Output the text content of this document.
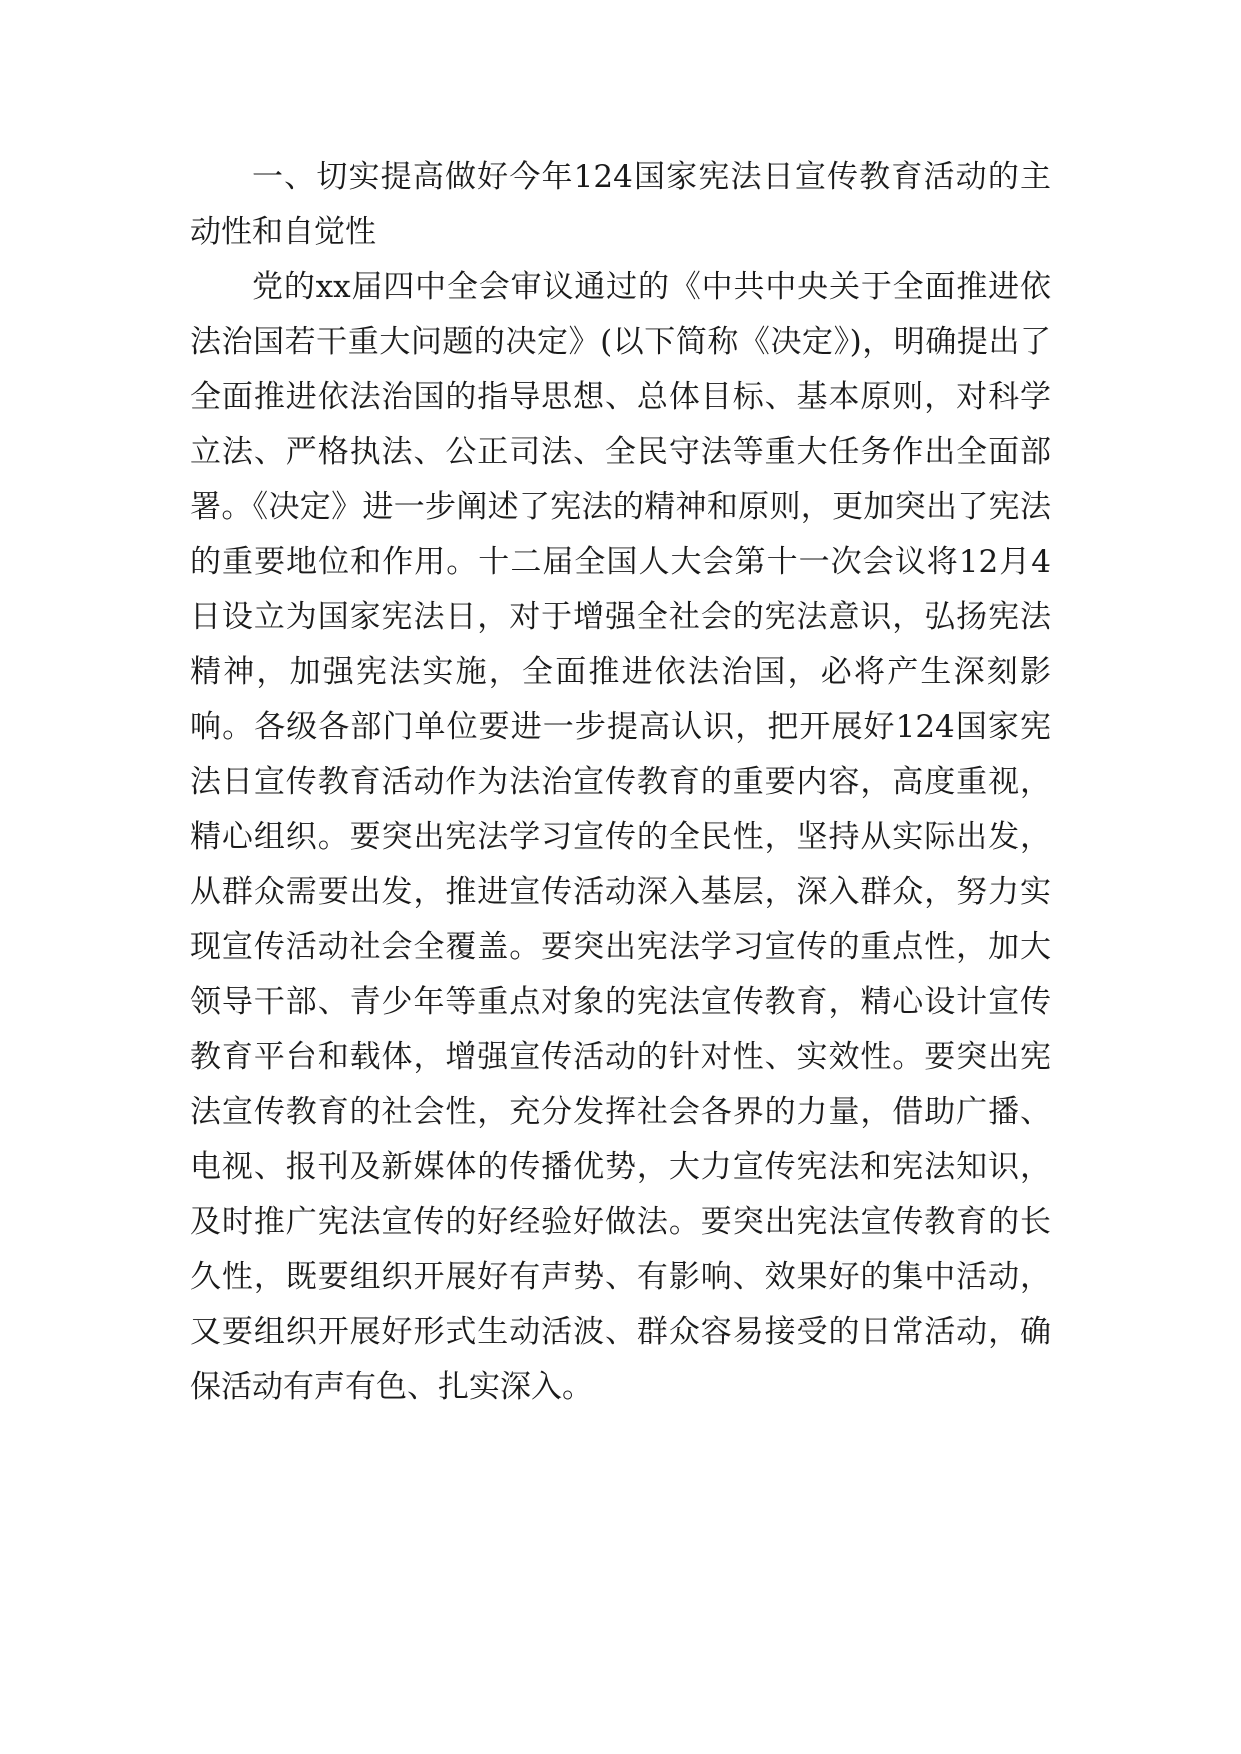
一、切实提高做好今年124国家宪法日宣传教育活动的主动性和自觉性

党的xx届四中全会审议通过的《中共中央关于全面推进依法治国若干重大问题的决定》(以下简称《决定》)，明确提出了全面推进依法治国的指导思想、总体目标、基本原则，对科学立法、严格执法、公正司法、全民守法等重大任务作出全面部署。《决定》进一步阐述了宪法的精神和原则，更加突出了宪法的重要地位和作用。十二届全国人大会第十一次会议将12月4日设立为国家宪法日，对于增强全社会的宪法意识，弘扬宪法精神，加强宪法实施，全面推进依法治国，必将产生深刻影响。各级各部门单位要进一步提高认识，把开展好124国家宪法日宣传教育活动作为法治宣传教育的重要内容，高度重视，精心组织。要突出宪法学习宣传的全民性，坚持从实际出发，从群众需要出发，推进宣传活动深入基层，深入群众，努力实现宣传活动社会全覆盖。要突出宪法学习宣传的重点性，加大领导干部、青少年等重点对象的宪法宣传教育，精心设计宣传教育平台和载体，增强宣传活动的针对性、实效性。要突出宪法宣传教育的社会性，充分发挥社会各界的力量，借助广播、电视、报刊及新媒体的传播优势，大力宣传宪法和宪法知识，及时推广宪法宣传的好经验好做法。要突出宪法宣传教育的长久性，既要组织开展好有声势、有影响、效果好的集中活动，又要组织开展好形式生动活波、群众容易接受的日常活动，确保活动有声有色、扎实深入。
